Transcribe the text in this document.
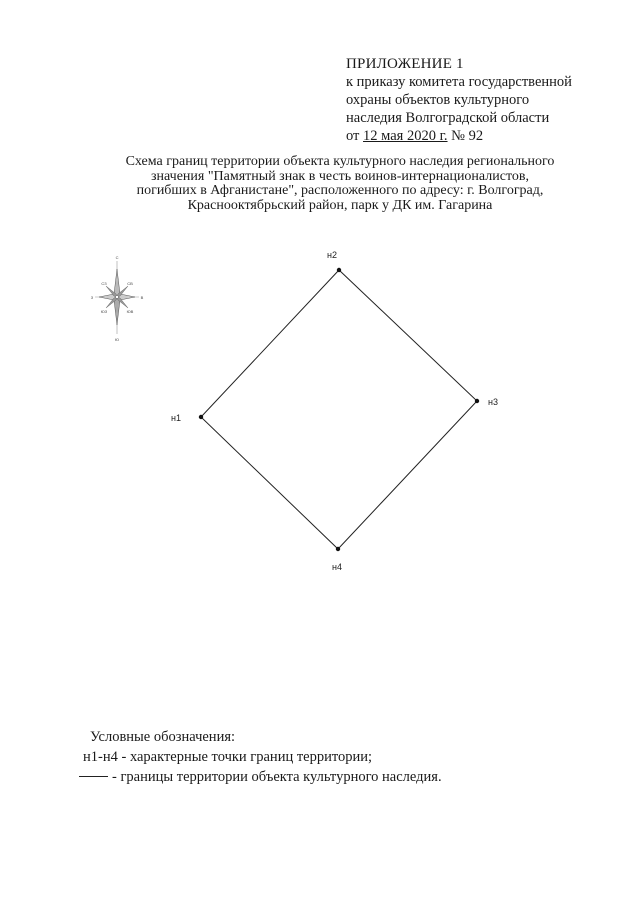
ПРИЛОЖЕНИЕ 1
к приказу комитета государственной
охраны объектов культурного
наследия Волгоградской области
от 12 мая 2020 г. № 92
Схема границ территории объекта культурного наследия регионального
значения "Памятный знак в честь воинов-интернационалистов,
погибших в Афганистане", расположенного по адресу: г. Волгоград,
Краснооктябрьский район, парк у ДК им. Гагарина
С
Ю
З	В
СЗ	СВ
ЮЗ	ЮВ
н1
н2
н3
н4
Условные обозначения:
н1-н4 - характерные точки границ территории;
- границы территории объекта культурного наследия.
